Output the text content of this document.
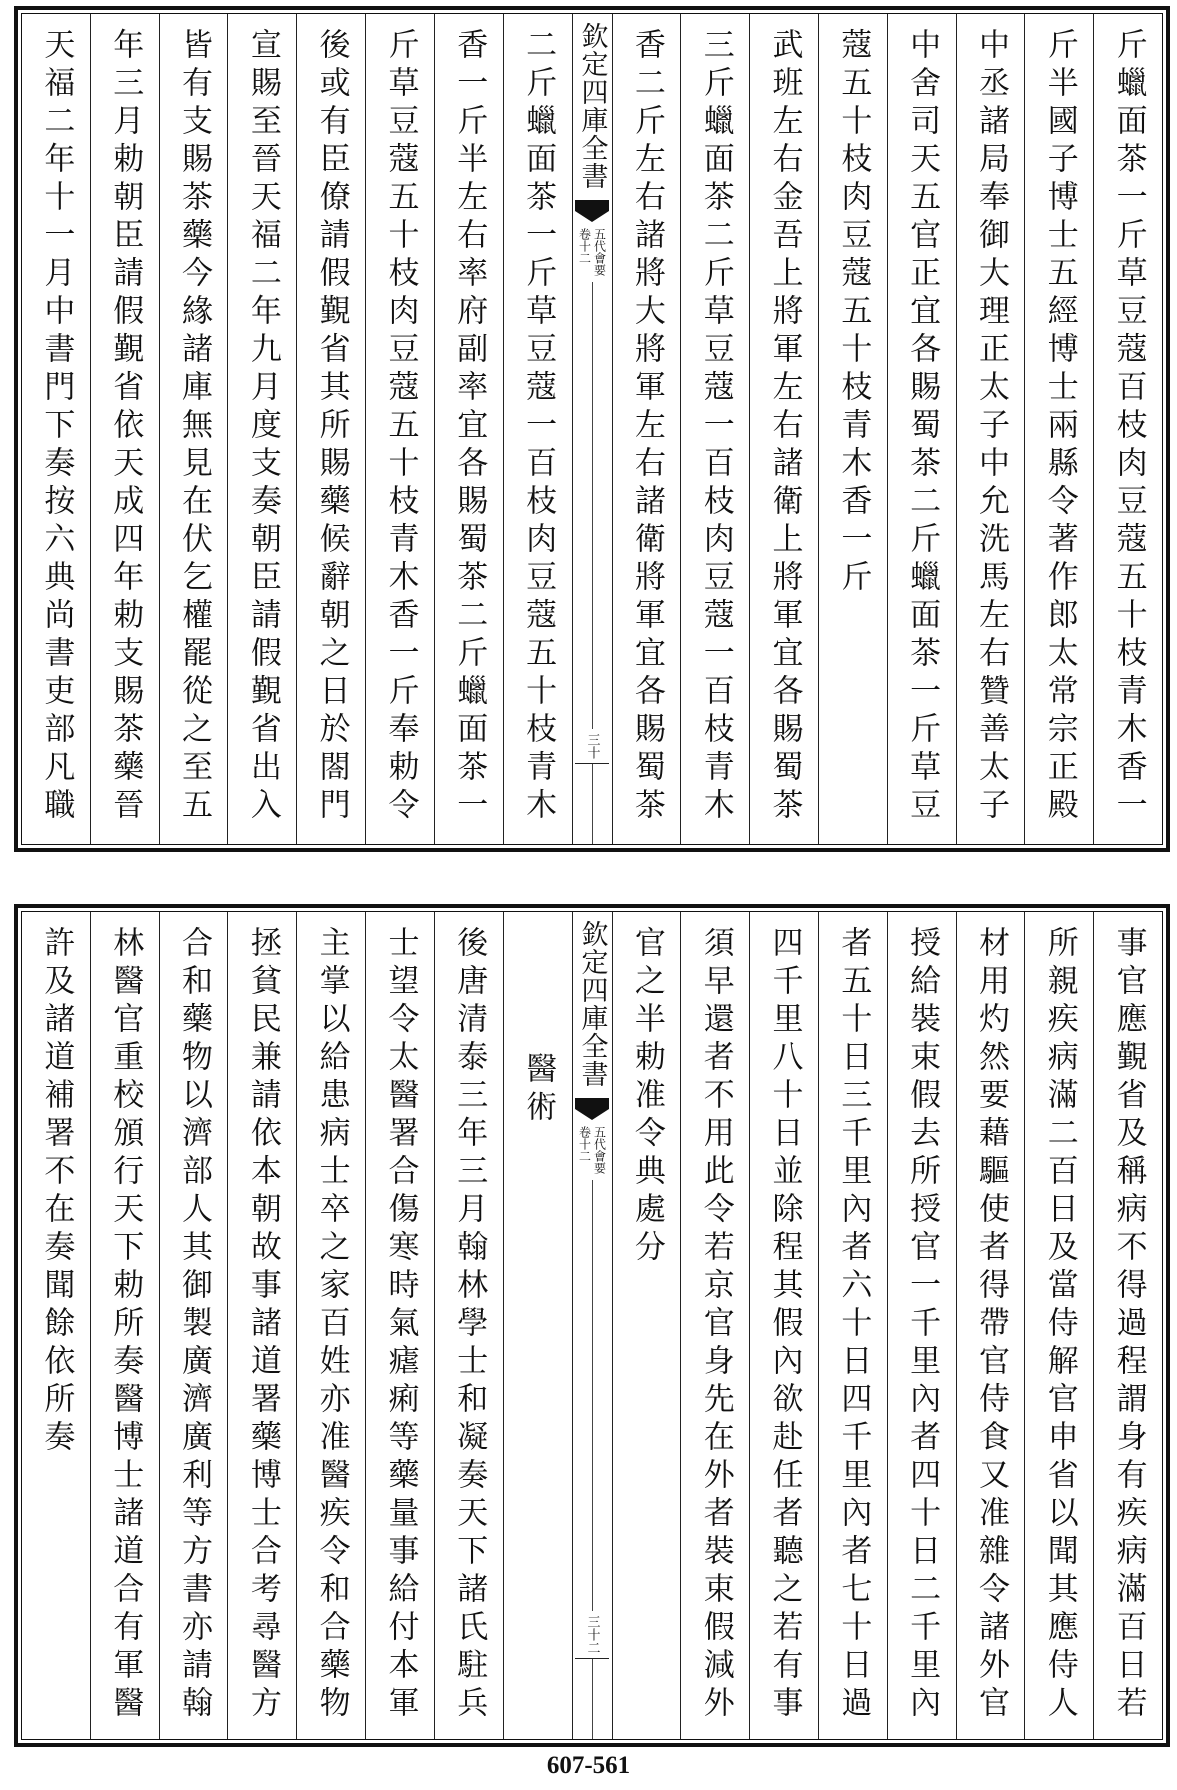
斤蠟面茶一斤草豆蔻百枝肉豆蔻五十枝青木香一
斤半國子博士五經博士兩縣令著作郎太常宗正殿
中丞諸局奉御大理正太子中允洗馬左右贊善太子
中舍司天五官正宜各賜蜀茶二斤蠟面茶一斤草豆
蔻五十枝肉豆蔻五十枝青木香一斤
武班左右金吾上將軍左右諸衛上將軍宜各賜蜀茶
三斤蠟面茶二斤草豆蔻一百枝肉豆蔻一百枝青木
香二斤左右諸將大將軍左右諸衛將軍宜各賜蜀茶
欽定四庫全書
五代會要
卷十二
三十
二斤蠟面茶一斤草豆蔻一百枝肉豆蔻五十枝青木
香一斤半左右率府副率宜各賜蜀茶二斤蠟面茶一
斤草豆蔻五十枝肉豆蔻五十枝青木香一斤奉勅令
後或有臣僚請假覲省其所賜藥候辭朝之日於閤門
宣賜至晉天福二年九月度支奏朝臣請假覲省出入
皆有支賜茶藥今緣諸庫無見在伏乞權罷從之至五
年三月勅朝臣請假覲省依天成四年勅支賜茶藥晉
天福二年十一月中書門下奏按六典尚書吏部凡職
事官應覲省及稱病不得過程謂身有疾病滿百日若
所親疾病滿二百日及當侍解官申省以聞其應侍人
材用灼然要藉驅使者得帶官侍食又准雜令諸外官
授給裝束假去所授官一千里內者四十日二千里內
者五十日三千里內者六十日四千里內者七十日過
四千里八十日並除程其假內欲赴任者聽之若有事
須早還者不用此令若京官身先在外者裝束假減外
官之半勅准令典處分
欽定四庫全書
五代會要
卷十二
三十二
醫術
後唐清泰三年三月翰林學士和凝奏天下諸氏駐兵
士望令太醫署合傷寒時氣瘧痢等藥量事給付本軍
主掌以給患病士卒之家百姓亦准醫疾令和合藥物
拯貧民兼請依本朝故事諸道署藥博士合考尋醫方
合和藥物以濟部人其御製廣濟廣利等方書亦請翰
林醫官重校頒行天下勅所奏醫博士諸道合有軍醫
許及諸道補署不在奏聞餘依所奏
607-561
